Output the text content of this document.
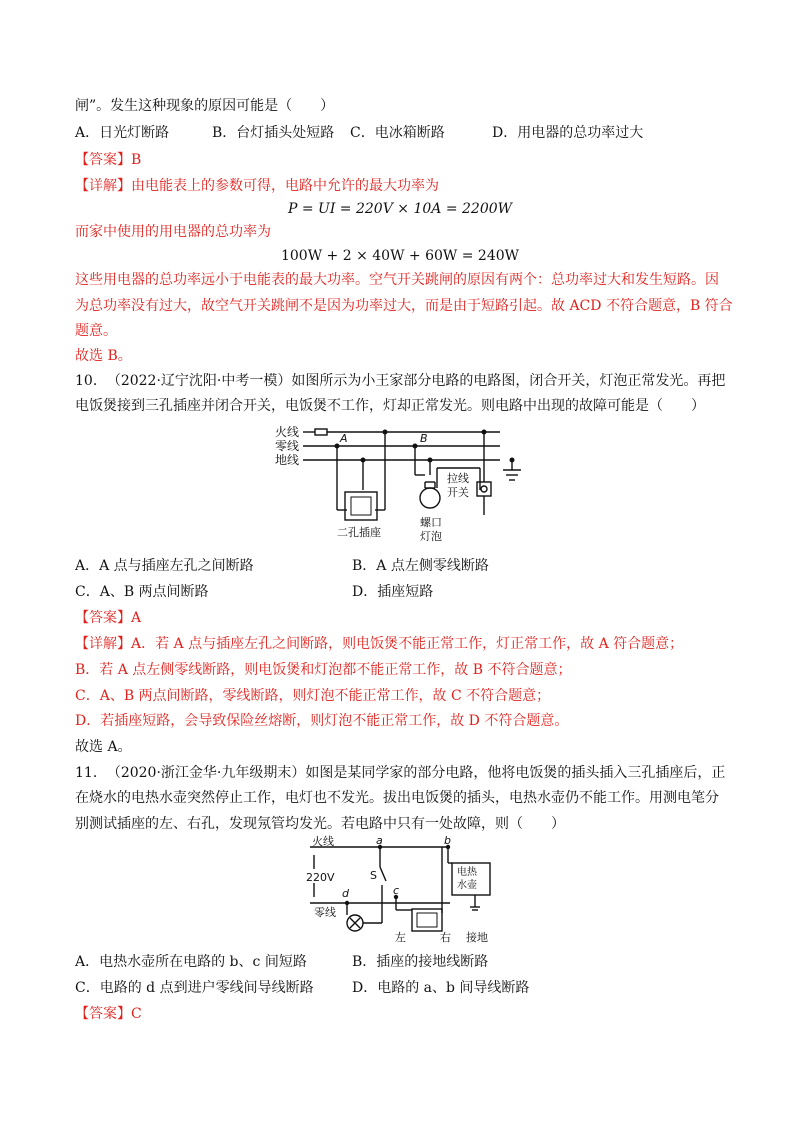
闸”。发生这种现象的原因可能是（　　）
A．日光灯断路	B．台灯插头处短路 C．电冰箱断路	D．用电器的总功率过大
【答案】B
【详解】由电能表上的参数可得，电路中允许的最大功率为
P = UI = 220V × 10A = 2200W
而家中使用的用电器的总功率为
100W + 2 × 40W + 60W = 240W
这些用电器的总功率远小于电能表的最大功率。空气开关跳闸的原因有两个：总功率过大和发生短路。因
为总功率没有过大，故空气开关跳闸不是因为功率过大，而是由于短路引起。故 ACD 不符合题意，B 符合
题意。
故选 B。
10．　（2022·辽宁沈阳·中考一模）如图所示为小王家部分电路的电路图，闭合开关，灯泡正常发光。再把
电饭煲接到三孔插座并闭合开关，电饭煲不工作，灯却正常发光。则电路中出现的故障可能是（　　）
火线
零线
地线
A	B
二孔插座
拉线
开关
螺口
灯泡
A．A 点与插座左孔之间断路	B．A 点左侧零线断路
C．A、B 两点间断路	D．插座短路
【答案】A
【详解】A．若 A 点与插座左孔之间断路，则电饭煲不能正常工作，灯正常工作，故 A 符合题意；
B．若 A 点左侧零线断路，则电饭煲和灯泡都不能正常工作，故 B 不符合题意；
C．A、B 两点间断路，零线断路，则灯泡不能正常工作，故 C 不符合题意；
D．若插座短路，会导致保险丝熔断，则灯泡不能正常工作，故 D 不符合题意。
故选 A。
11．　（2020·浙江金华·九年级期末）如图是某同学家的部分电路，他将电饭煲的插头插入三孔插座后，正
在烧水的电热水壶突然停止工作，电灯也不发光。拔出电饭煲的插头，电热水壶仍不能工作。用测电笔分
别测试插座的左、右孔，发现氖管均发光。若电路中只有一处故障，则（　　）
火线
220V
零线
电热
水壶
左	右 接地
a	b
c
d
S
A．电热水壶所在电路的 b、c 间短路	B．插座的接地线断路
C．电路的 d 点到进户零线间导线断路	D．电路的 a、b 间导线断路
【答案】C
